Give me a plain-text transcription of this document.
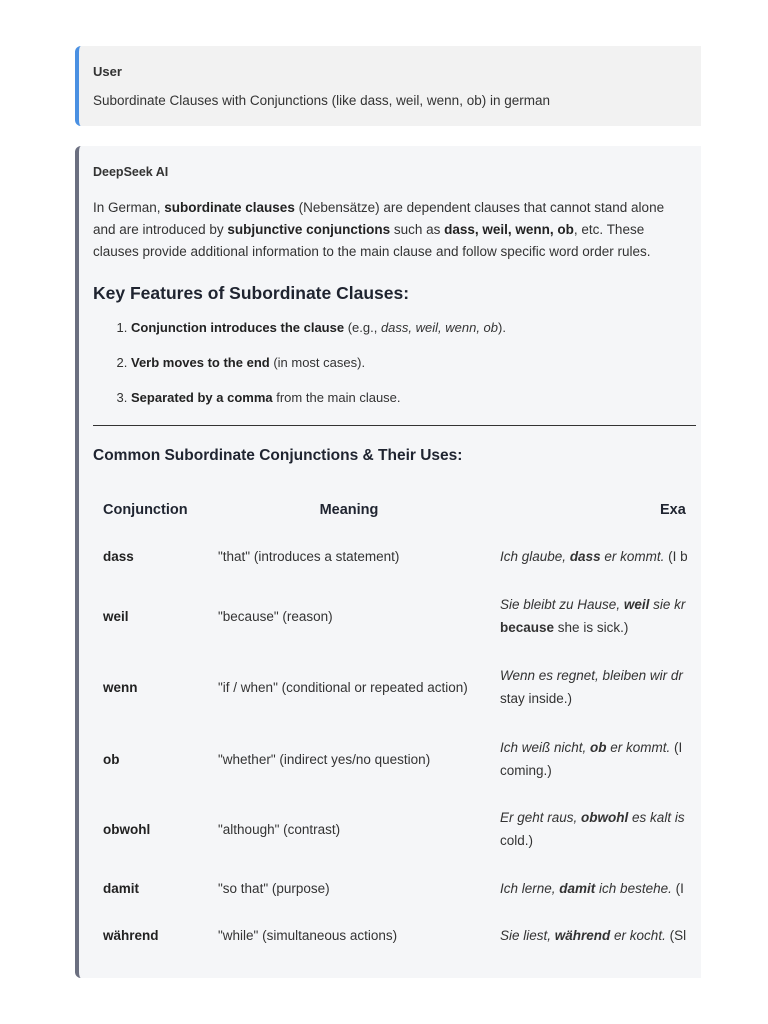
User
Subordinate Clauses with Conjunctions (like dass, weil, wenn, ob) in german
DeepSeek AI
In German, subordinate clauses (Nebensätze) are dependent clauses that cannot stand alone and are introduced by subjunctive conjunctions such as dass, weil, wenn, ob, etc. These clauses provide additional information to the main clause and follow specific word order rules.
Key Features of Subordinate Clauses:
1. Conjunction introduces the clause (e.g., dass, weil, wenn, ob).
2. Verb moves to the end (in most cases).
3. Separated by a comma from the main clause.
Common Subordinate Conjunctions & Their Uses:
Conjunction	Meaning	Exa
dass	"that" (introduces a statement)	Ich glaube, dass er kommt. (I b
weil	"because" (reason)	Sie bleibt zu Hause, weil sie kr
because she is sick.)
wenn	"if / when" (conditional or repeated action)	Wenn es regnet, bleiben wir dr
stay inside.)
ob	"whether" (indirect yes/no question)	Ich weiß nicht, ob er kommt. (I
coming.)
obwohl	"although" (contrast)	Er geht raus, obwohl es kalt is
cold.)
damit	"so that" (purpose)	Ich lerne, damit ich bestehe. (I
während	"while" (simultaneous actions)	Sie liest, während er kocht. (Sl
